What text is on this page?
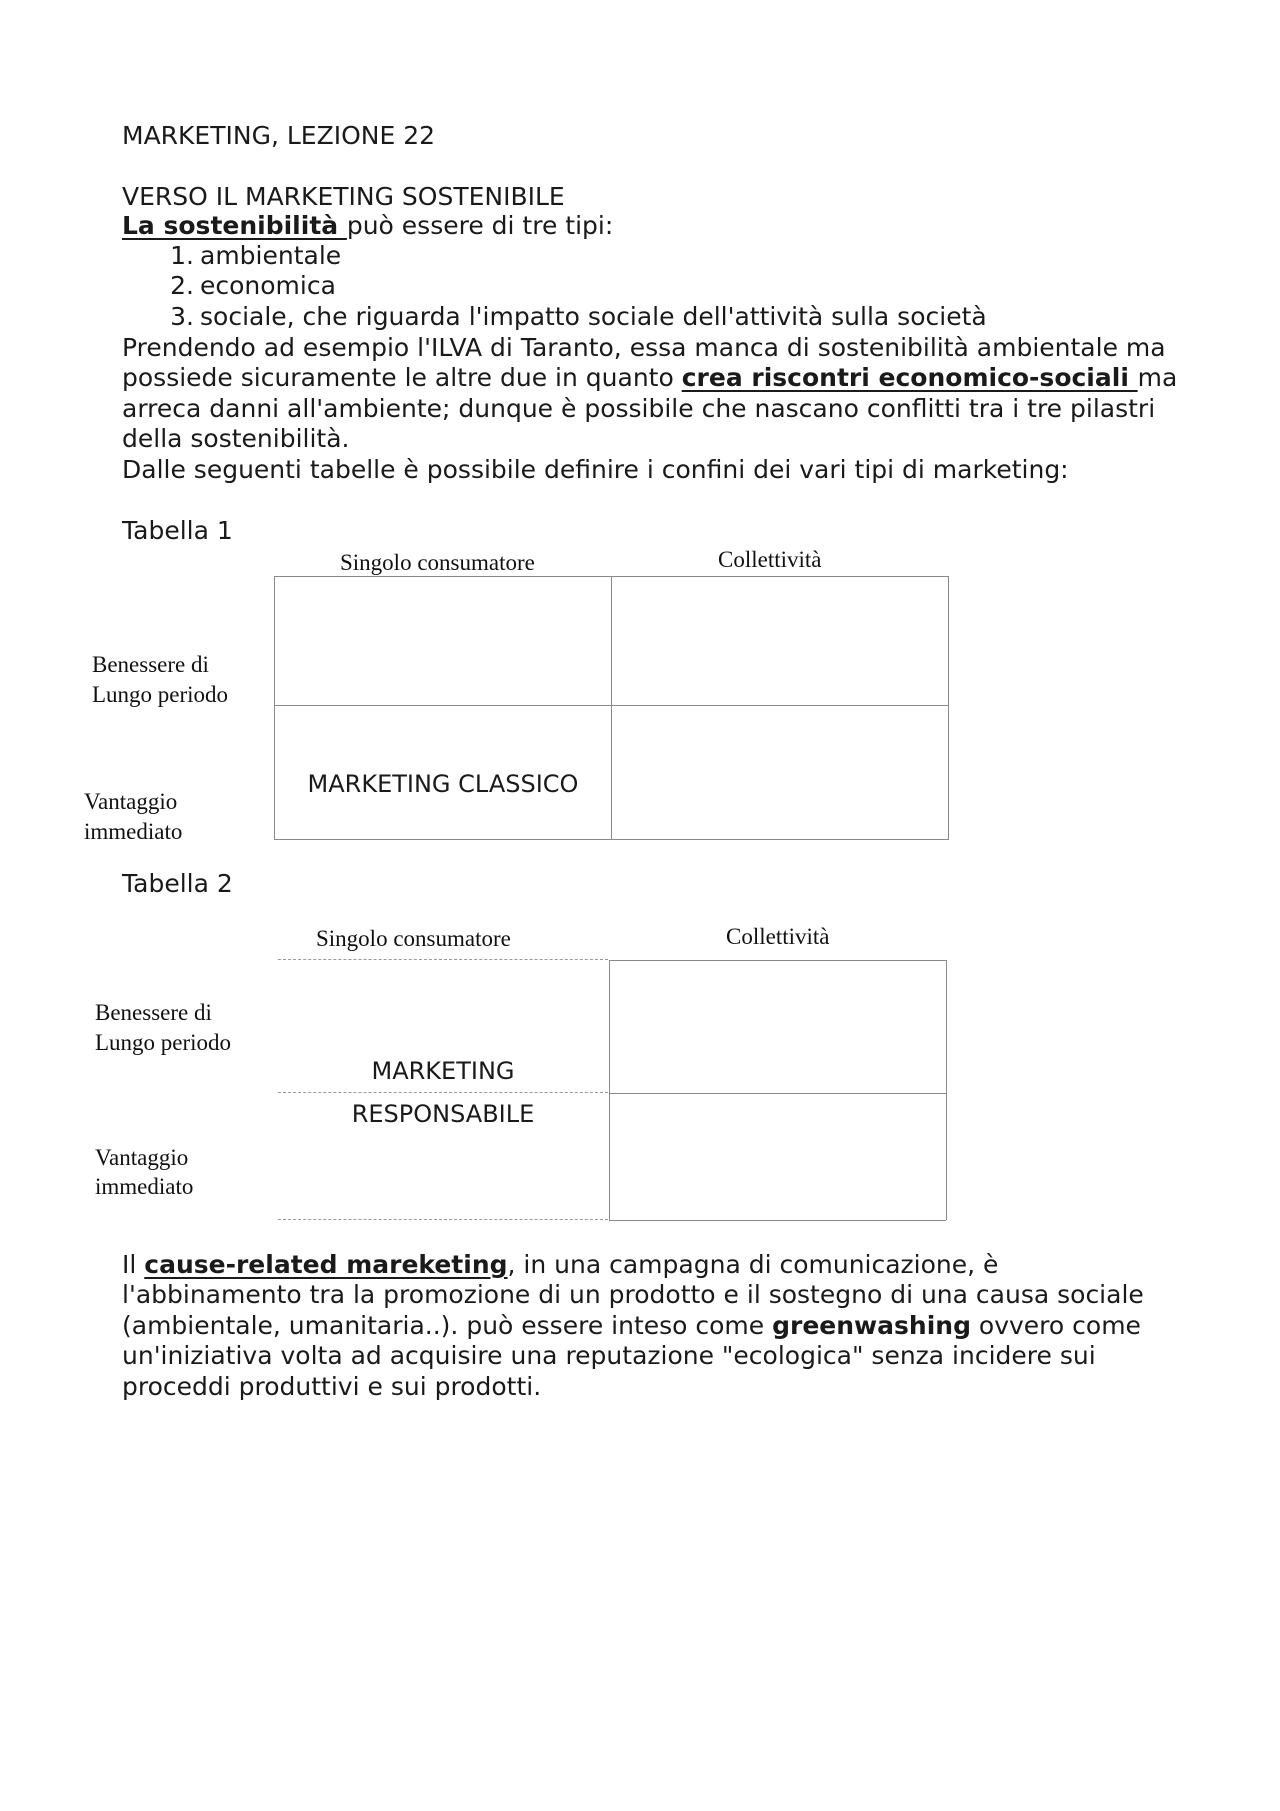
MARKETING, LEZIONE 22
VERSO IL MARKETING SOSTENIBILE
La sostenibilità può essere di tre tipi:
1. ambientale
2. economica
3. sociale, che riguarda l'impatto sociale dell'attività sulla società
Prendendo ad esempio l'ILVA di Taranto, essa manca di sostenibilità ambientale ma possiede sicuramente le altre due in quanto crea riscontri economico-sociali ma arreca danni all'ambiente; dunque è possibile che nascano conflitti tra i tre pilastri della sostenibilità.
Dalle seguenti tabelle è possibile definire i confini dei vari tipi di marketing:
Tabella 1
Singolo consumatore	Collettività
Benessere di
Lungo periodo
Vantaggio
immediato
MARKETING CLASSICO
Tabella 2
Singolo consumatore	Collettività
Benessere di
Lungo periodo
Vantaggio
immediato
MARKETING
RESPONSABILE
Il cause-related mareketing, in una campagna di comunicazione, è l'abbinamento tra la promozione di un prodotto e il sostegno di una causa sociale (ambientale, umanitaria..). può essere inteso come greenwashing ovvero come un'iniziativa volta ad acquisire una reputazione "ecologica" senza incidere sui proceddi produttivi e sui prodotti.
